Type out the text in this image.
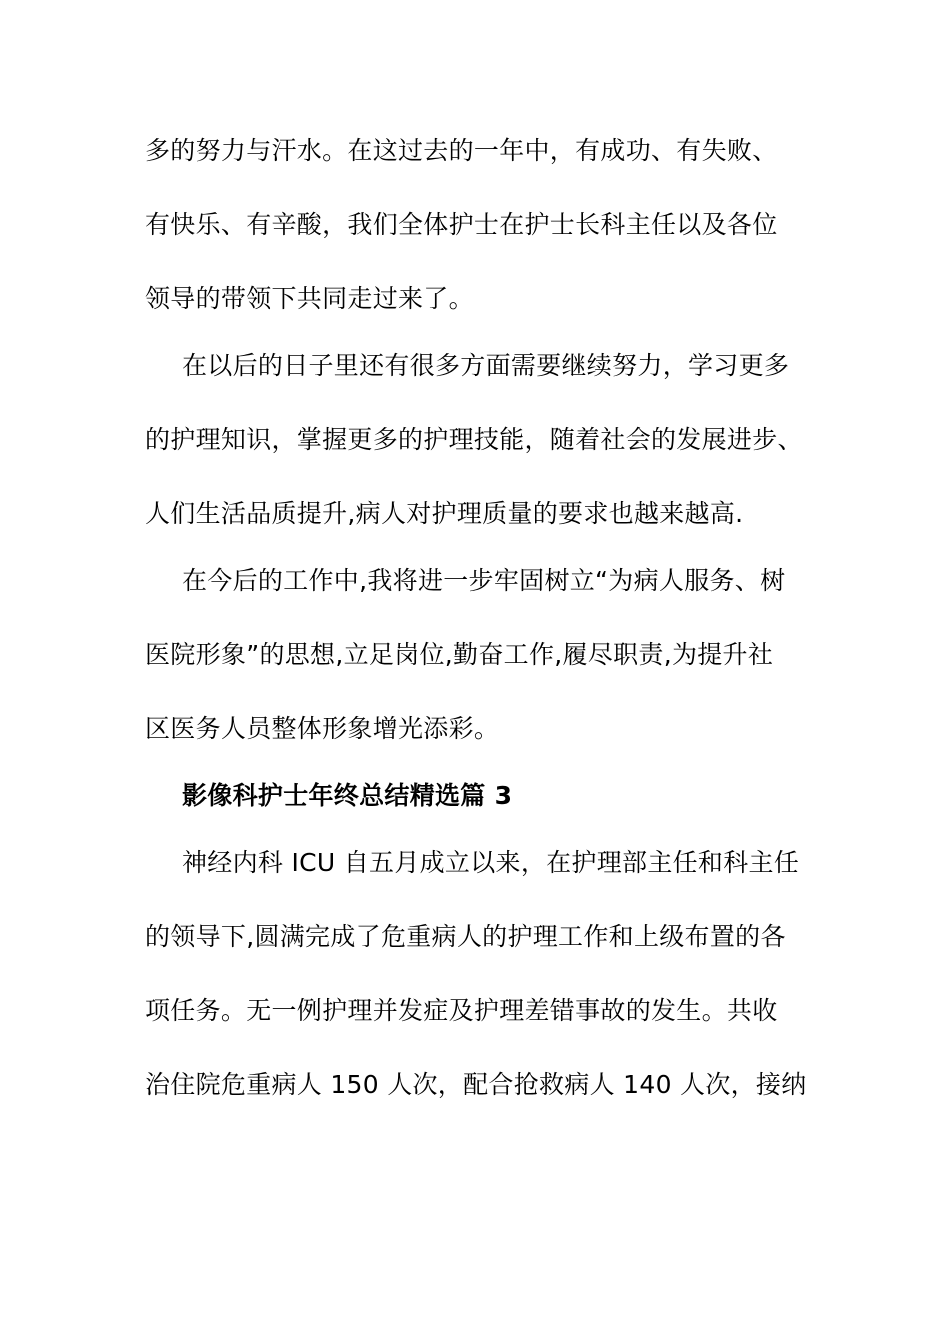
多的努力与汗水。在这过去的一年中，有成功、有失败、
有快乐、有辛酸，我们全体护士在护士长科主任以及各位
领导的带领下共同走过来了。
在以后的日子里还有很多方面需要继续努力，学习更多
的护理知识，掌握更多的护理技能，随着社会的发展进步、
人们生活品质提升,病人对护理质量的要求也越来越高.
在今后的工作中,我将进一步牢固树立“为病人服务、树
医院形象”的思想,立足岗位,勤奋工作,履尽职责,为提升社
区医务人员整体形象增光添彩。
影像科护士年终总结精选篇 3
神经内科 ICU 自五月成立以来，在护理部主任和科主任
的领导下,圆满完成了危重病人的护理工作和上级布置的各
项任务。无一例护理并发症及护理差错事故的发生。共收
治住院危重病人 150 人次，配合抢救病人 140 人次，接纳
